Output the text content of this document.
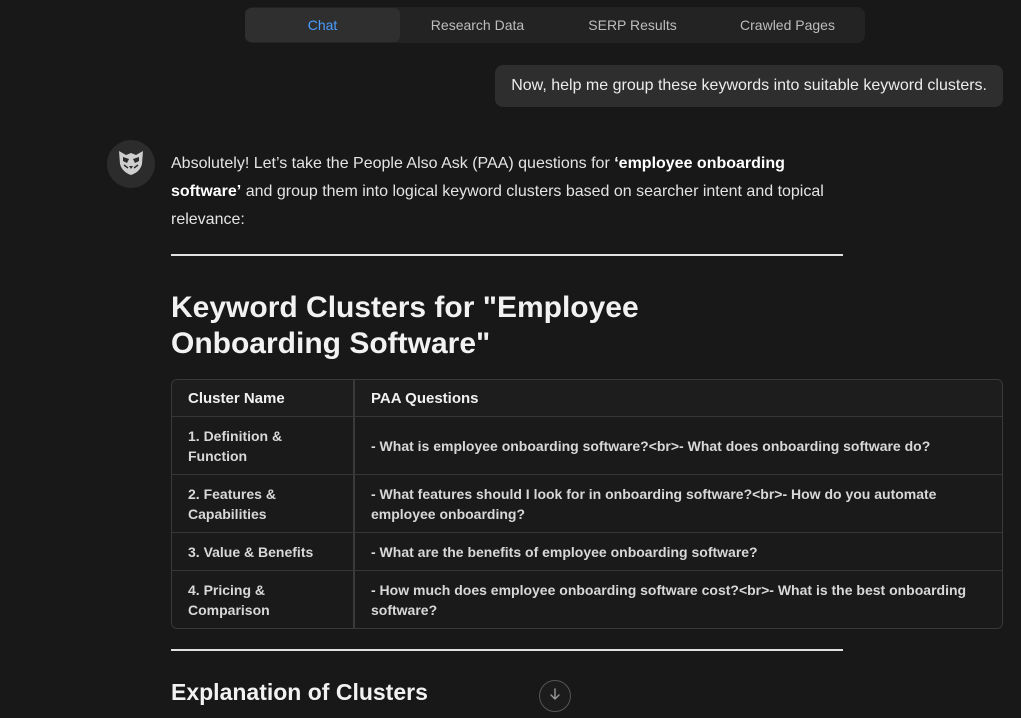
Chat	Research Data	SERP Results	Crawled Pages
Now, help me group these keywords into suitable keyword clusters.

Absolutely! Let’s take the People Also Ask (PAA) questions for ‘employee onboarding software’ and group them into logical keyword clusters based on searcher intent and topical relevance:

Keyword Clusters for "Employee Onboarding Software"
Cluster Name	PAA Questions
1. Definition & Function	- What is employee onboarding software?<br>- What does onboarding software do?
2. Features & Capabilities	- What features should I look for in onboarding software?<br>- How do you automate employee onboarding?
3. Value & Benefits	- What are the benefits of employee onboarding software?
4. Pricing & Comparison	- How much does employee onboarding software cost?<br>- What is the best onboarding software?
Explanation of Clusters
